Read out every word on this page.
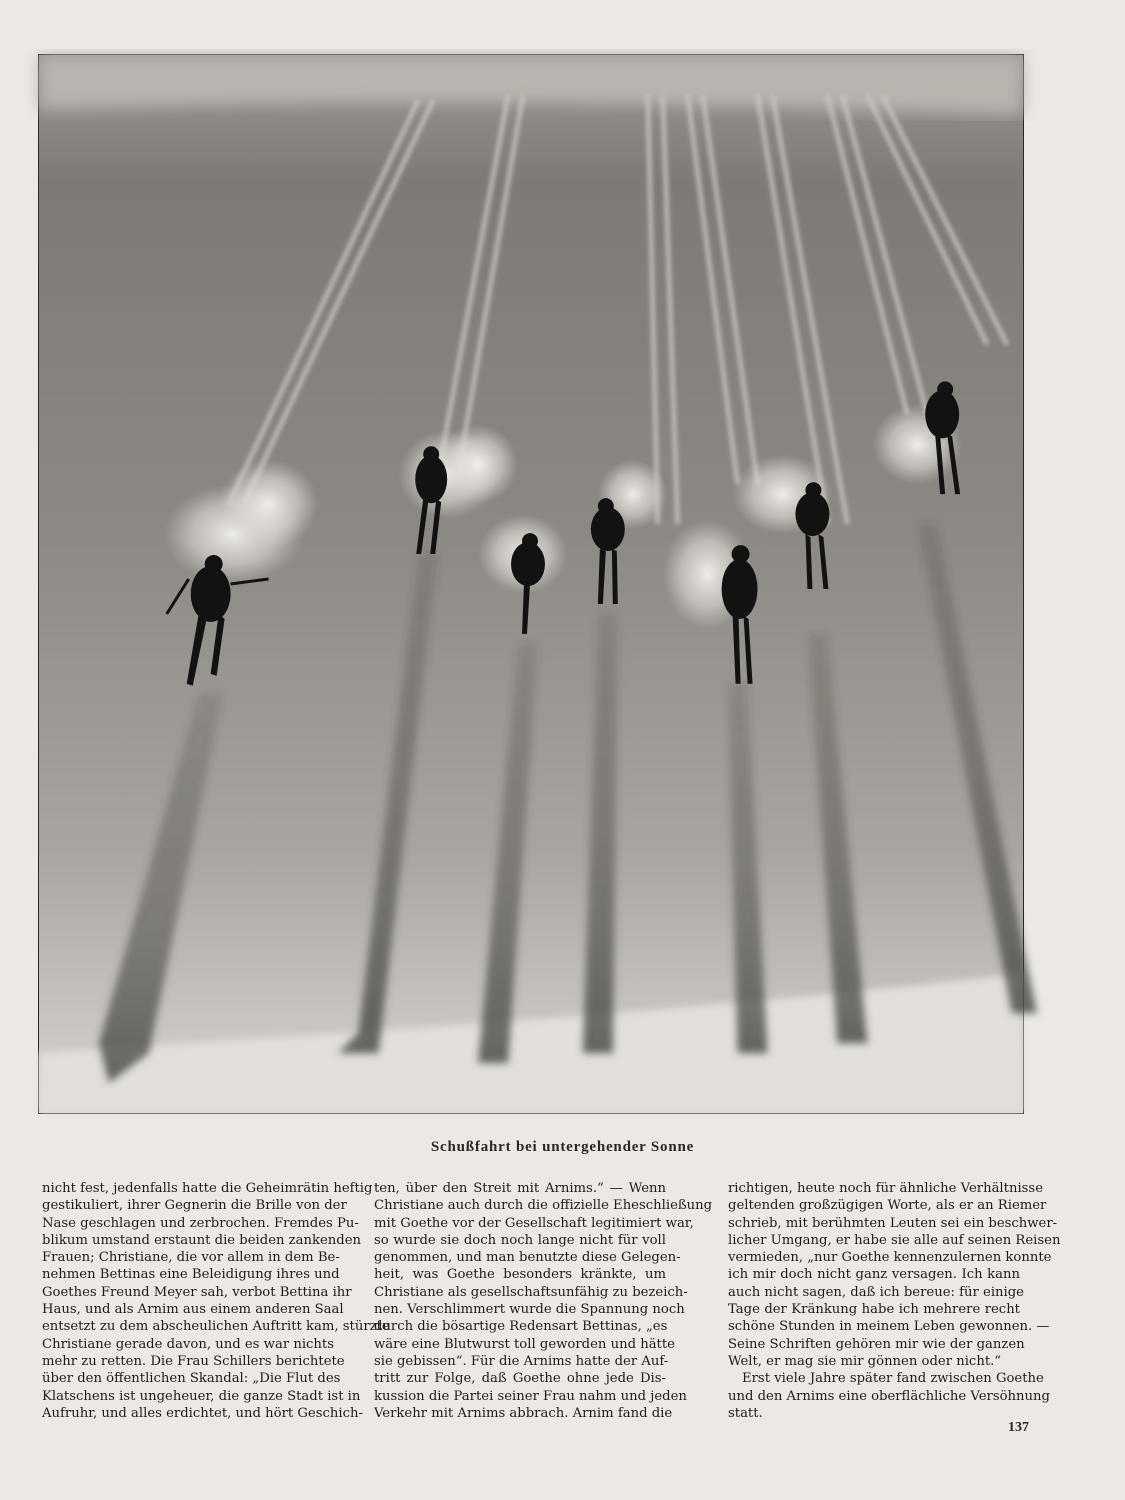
Schußfahrt bei untergehender Sonne
nicht fest, jedenfalls hatte die Geheimrätin heftig
gestikuliert, ihrer Gegnerin die Brille von der
Nase geschlagen und zerbrochen. Fremdes Pu-
blikum umstand erstaunt die beiden zankenden
Frauen; Christiane, die vor allem in dem Be-
nehmen Bettinas eine Beleidigung ihres und
Goethes Freund Meyer sah, verbot Bettina ihr
Haus, und als Arnim aus einem anderen Saal
entsetzt zu dem abscheulichen Auftritt kam, stürzte
Christiane gerade davon, und es war nichts
mehr zu retten. Die Frau Schillers berichtete
über den öffentlichen Skandal: „Die Flut des
Klatschens ist ungeheuer, die ganze Stadt ist in
Aufruhr, und alles erdichtet, und hört Geschich-
ten, über den Streit mit Arnims.“ — Wenn
Christiane auch durch die offizielle Eheschließung
mit Goethe vor der Gesellschaft legitimiert war,
so wurde sie doch noch lange nicht für voll
genommen, und man benutzte diese Gelegen-
heit, was Goethe besonders kränkte, um
Christiane als gesellschaftsunfähig zu bezeich-
nen. Verschlimmert wurde die Spannung noch
durch die bösartige Redensart Bettinas, „es
wäre eine Blutwurst toll geworden und hätte
sie gebissen“. Für die Arnims hatte der Auf-
tritt zur Folge, daß Goethe ohne jede Dis-
kussion die Partei seiner Frau nahm und jeden
Verkehr mit Arnims abbrach. Arnim fand die
richtigen, heute noch für ähnliche Verhältnisse
geltenden großzügigen Worte, als er an Riemer
schrieb, mit berühmten Leuten sei ein beschwer-
licher Umgang, er habe sie alle auf seinen Reisen
vermieden, „nur Goethe kennenzulernen konnte
ich mir doch nicht ganz versagen. Ich kann
auch nicht sagen, daß ich bereue: für einige
Tage der Kränkung habe ich mehrere recht
schöne Stunden in meinem Leben gewonnen. —
Seine Schriften gehören mir wie der ganzen
Welt, er mag sie mir gönnen oder nicht.“
Erst viele Jahre später fand zwischen Goethe
und den Arnims eine oberflächliche Versöhnung
statt.
137
